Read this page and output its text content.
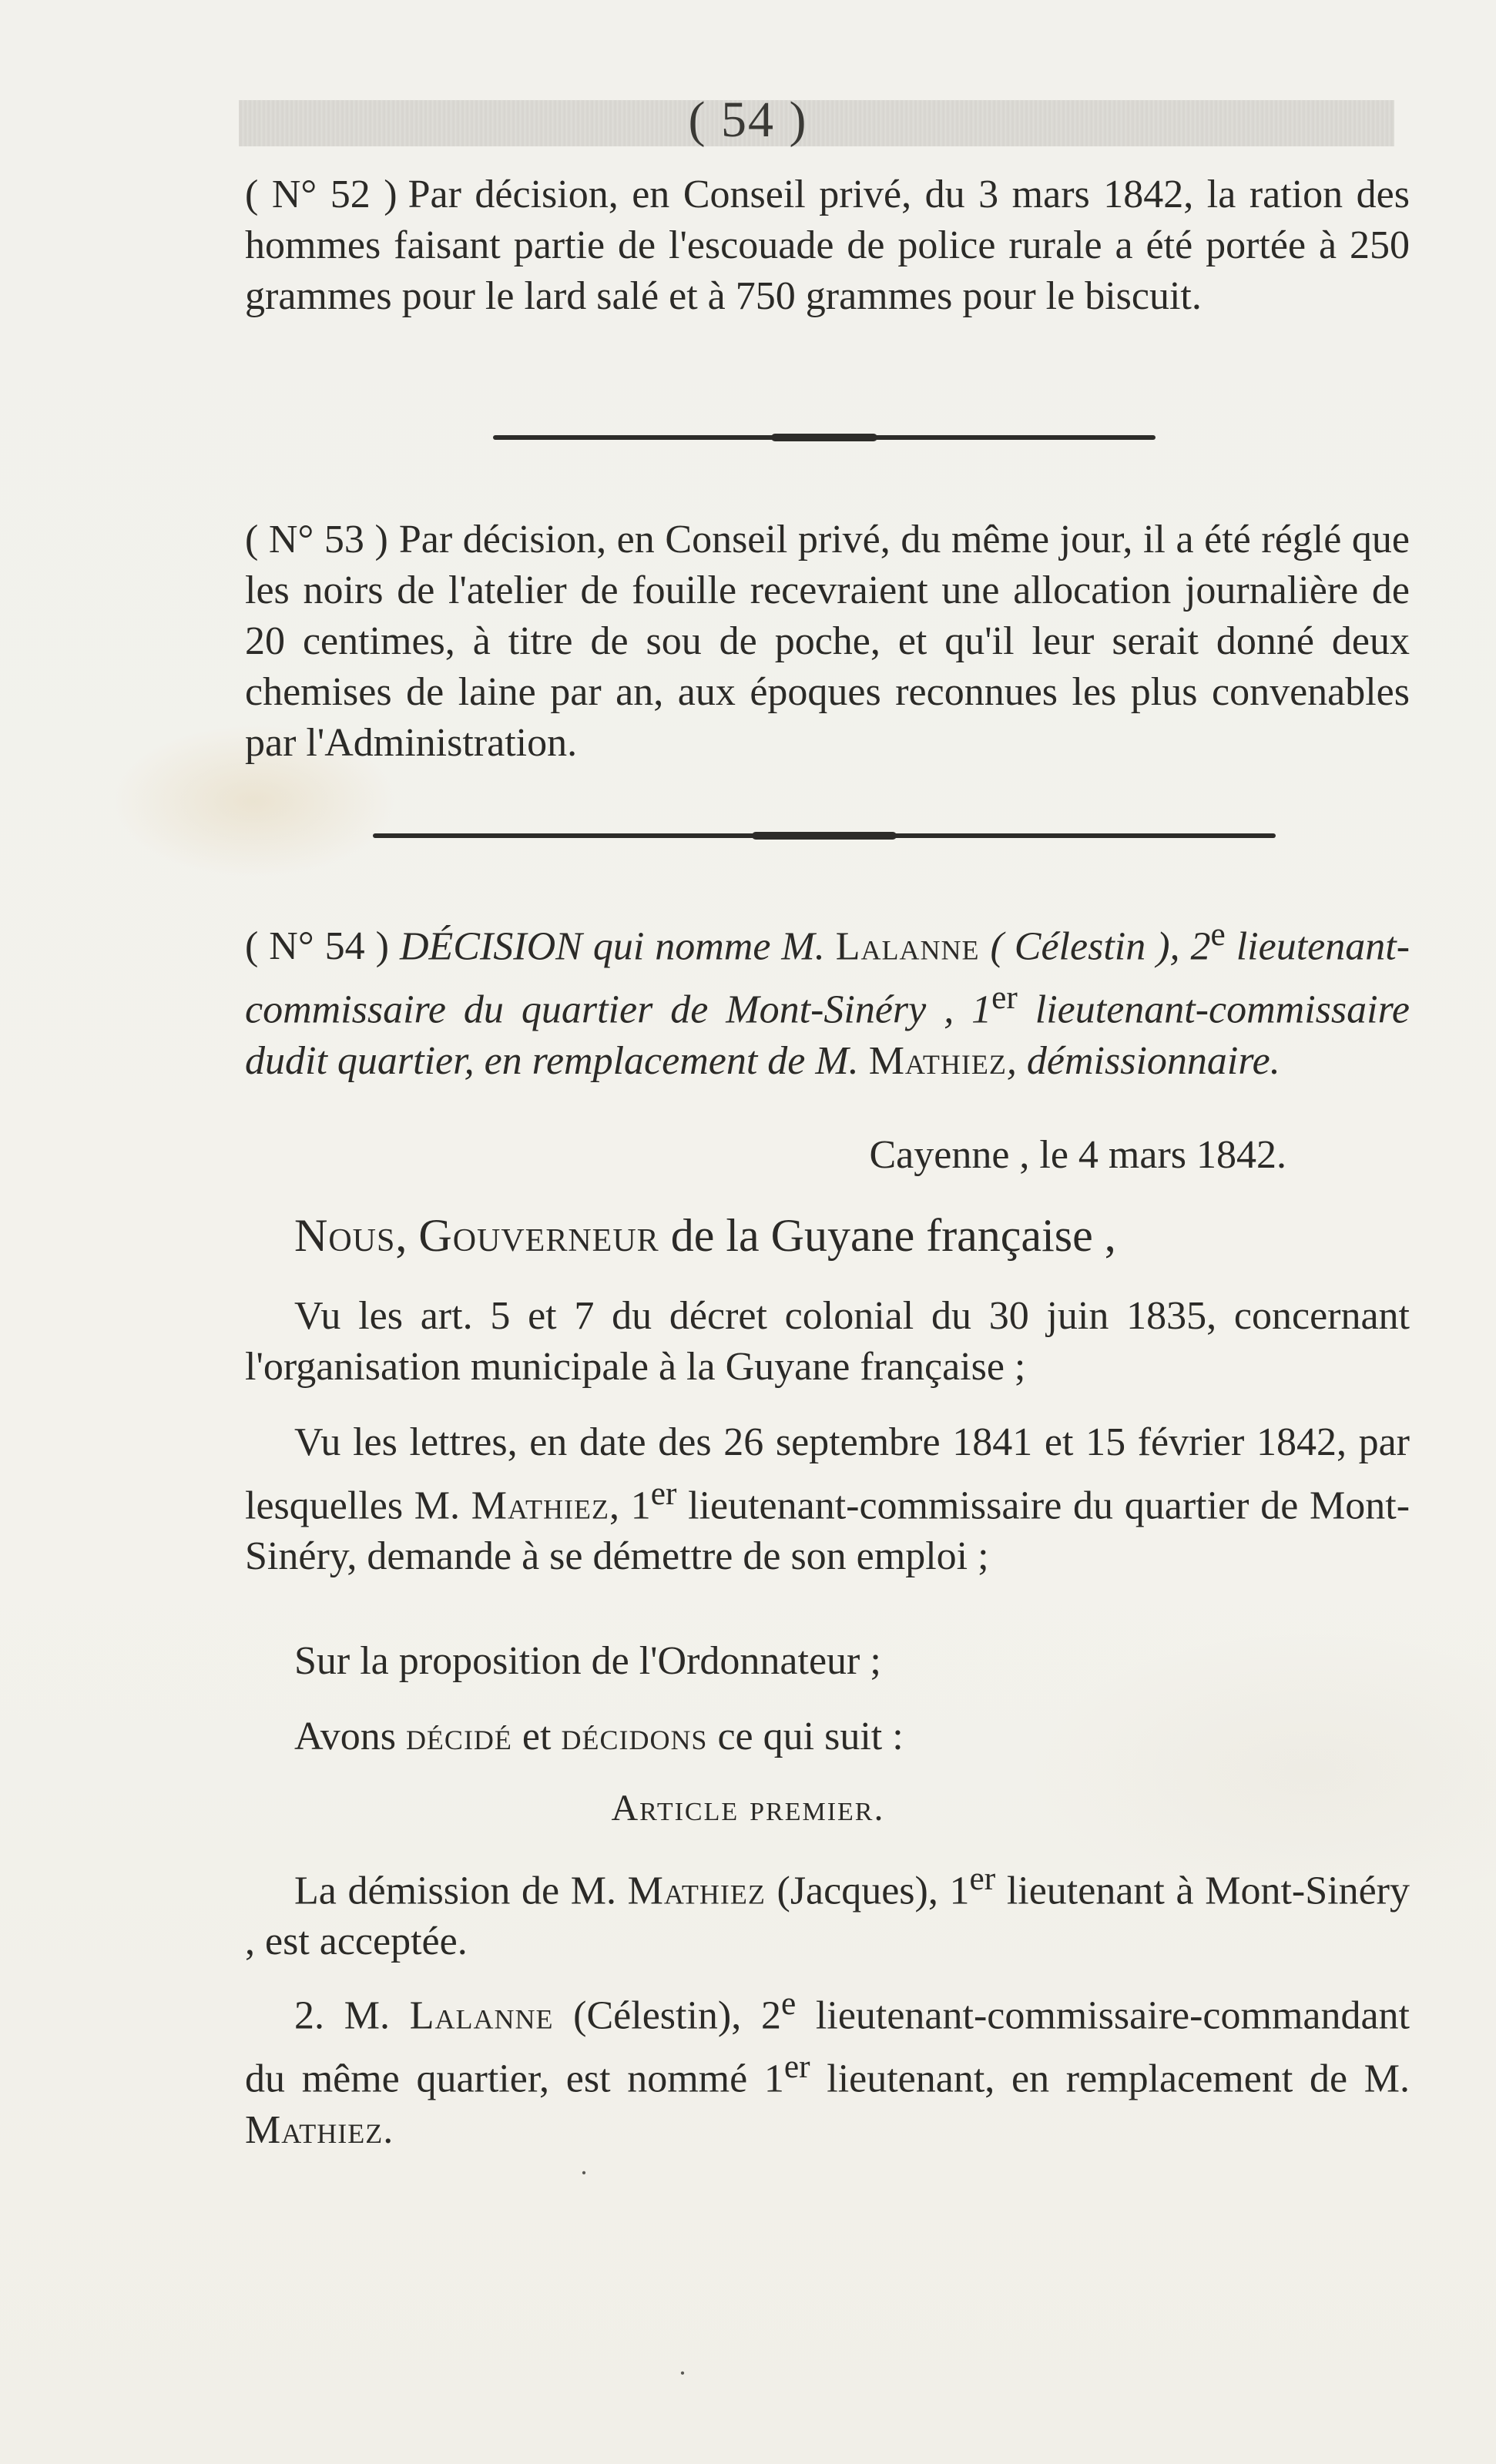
( 54 )
( N° 52 ) Par décision, en Conseil privé, du 3 mars 1842, la ration des hommes faisant partie de l'escouade de police rurale a été portée à 250 grammes pour le lard salé et à 750 grammes pour le biscuit.
( N° 53 ) Par décision, en Conseil privé, du même jour, il a été réglé que les noirs de l'atelier de fouille recevraient une allocation journalière de 20 centimes, à titre de sou de poche, et qu'il leur serait donné deux chemises de laine par an, aux époques reconnues les plus convenables par l'Administration.
( N° 54 ) DÉCISION qui nomme M. Lalanne ( Célestin ), 2e lieutenant-commissaire du quartier de Mont-Sinéry , 1er lieutenant-commissaire dudit quartier, en remplacement de M. Mathiez, démissionnaire.
Cayenne , le 4 mars 1842.
Nous, Gouverneur de la Guyane française ,
Vu les art. 5 et 7 du décret colonial du 30 juin 1835, concernant l'organisation municipale à la Guyane française ;
Vu les lettres, en date des 26 septembre 1841 et 15 février 1842, par lesquelles M. Mathiez, 1er lieutenant-commissaire du quartier de Mont-Sinéry, demande à se démettre de son emploi ;
Sur la proposition de l'Ordonnateur ;
Avons décidé et décidons ce qui suit :
Article premier.
La démission de M. Mathiez (Jacques), 1er lieutenant à Mont-Sinéry , est acceptée.
2. M. Lalanne (Célestin), 2e lieutenant-commissaire-commandant du même quartier, est nommé 1er lieutenant, en remplacement de M. Mathiez.
·
·
